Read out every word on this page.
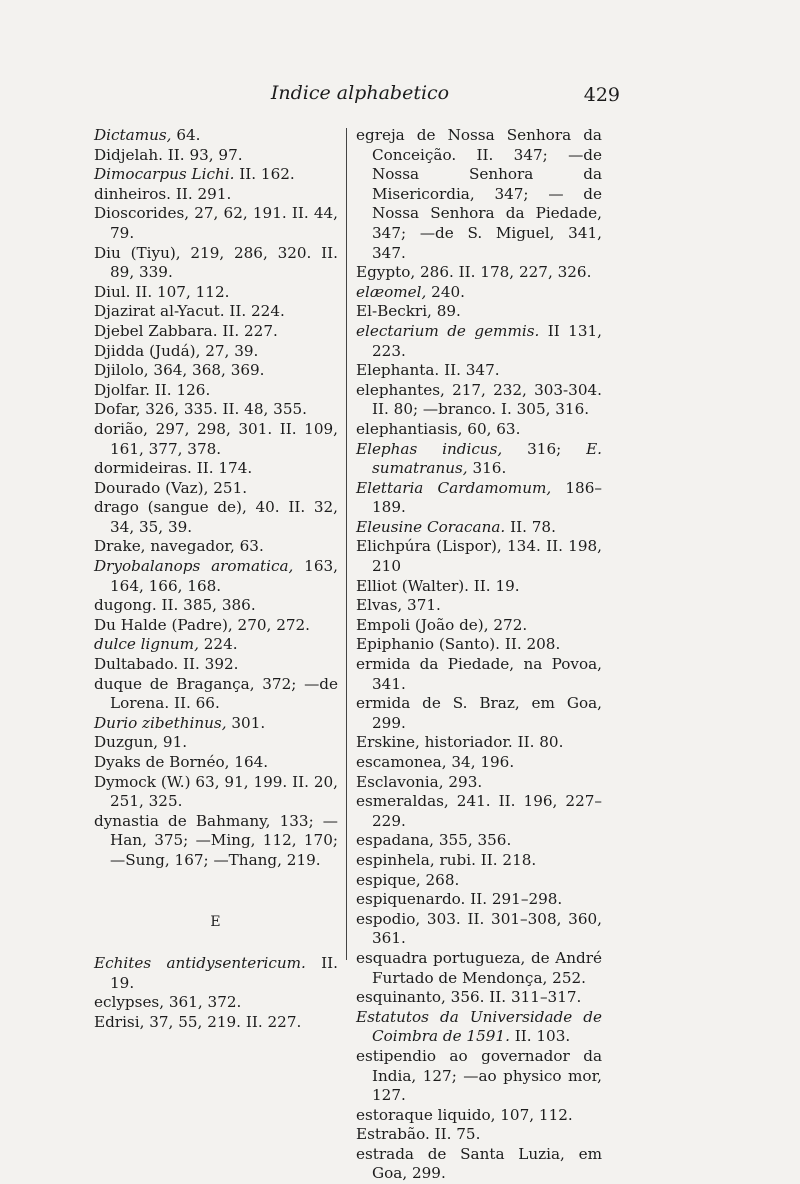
Indice alphabetico	429
Dictamus, 64.
Didjelah. II. 93, 97.
Dimocarpus Lichi. II. 162.
dinheiros. II. 291.
Dioscorides, 27, 62, 191. II. 44, 79.
Diu (Tiyu), 219, 286, 320. II. 89, 339.
Diul. II. 107, 112.
Djazirat al-Yacut. II. 224.
Djebel Zabbara. II. 227.
Djidda (Judá), 27, 39.
Djilolo, 364, 368, 369.
Djolfar. II. 126.
Dofar, 326, 335. II. 48, 355.
dorião, 297, 298, 301. II. 109, 161, 377, 378.
dormideiras. II. 174.
Dourado (Vaz), 251.
drago (sangue de), 40. II. 32, 34, 35, 39.
Drake, navegador, 63.
Dryobalanops aromatica, 163, 164, 166, 168.
dugong. II. 385, 386.
Du Halde (Padre), 270, 272.
dulce lignum, 224.
Dultabado. II. 392.
duque de Bragança, 372; —de Lorena. II. 66.
Durio zibethinus, 301.
Duzgun, 91.
Dyaks de Bornéo, 164.
Dymock (W.) 63, 91, 199. II. 20, 251, 325.
dynastia de Bahmany, 133; —Han, 375; —Ming, 112, 170; —Sung, 167; —Thang, 219.
E
Echites antidysentericum. II. 19.
eclypses, 361, 372.
Edrisi, 37, 55, 219. II. 227.
egreja de Nossa Senhora da Conceição. II. 347; —de Nossa Senhora da Misericordia, 347; — de Nossa Senhora da Piedade, 347; —de S. Miguel, 341, 347.
Egypto, 286. II. 178, 227, 326.
elæomel, 240.
El-Beckri, 89.
electarium de gemmis. II 131, 223.
Elephanta. II. 347.
elephantes, 217, 232, 303-304. II. 80; —branco. I. 305, 316.
elephantiasis, 60, 63.
Elephas indicus, 316; E. sumatranus, 316.
Elettaria Cardamomum, 186–189.
Eleusine Coracana. II. 78.
Elichpúra (Lispor), 134. II. 198, 210
Elliot (Walter). II. 19.
Elvas, 371.
Empoli (João de), 272.
Epiphanio (Santo). II. 208.
ermida da Piedade, na Povoa, 341.
ermida de S. Braz, em Goa, 299.
Erskine, historiador. II. 80.
escamonea, 34, 196.
Esclavonia, 293.
esmeraldas, 241. II. 196, 227–229.
espadana, 355, 356.
espinhela, rubi. II. 218.
espique, 268.
espiquenardo. II. 291–298.
espodio, 303. II. 301–308, 360, 361.
esquadra portugueza, de André Furtado de Mendonça, 252.
esquinanto, 356. II. 311–317.
Estatutos da Universidade de Coimbra de 1591. II. 103.
estipendio ao governador da India, 127; —ao physico mor, 127.
estoraque liquido, 107, 112.
Estrabão. II. 75.
estrada de Santa Luzia, em Goa, 299.
